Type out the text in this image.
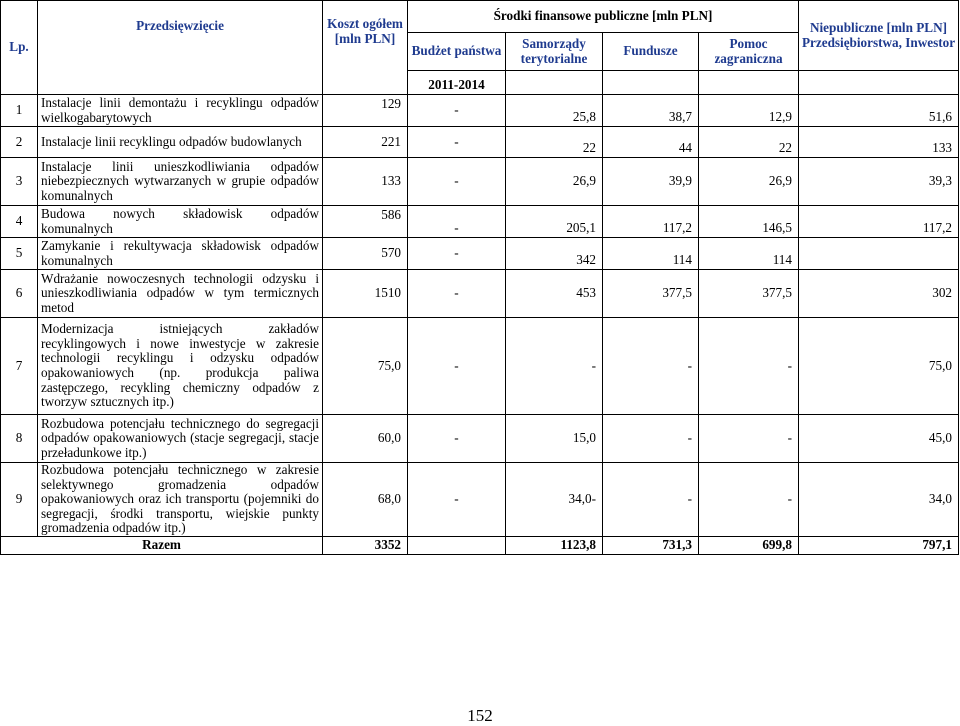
Lp.	Przedsięwzięcie	Koszt ogółem [mln PLN]	Środki finansowe publiczne [mln PLN]				Niepubliczne [mln PLN]
Przedsiębiorstwa, Inwestor

			Budżet państwa	Samorządy terytorialne	Fundusze	Pomoc zagraniczna	
			2011-2014				
1	Instalacje linii demontażu i recyklingu odpadów wielkogabarytowych	129	-	25,8	38,7	12,9	51,6
2	Instalacje linii recyklingu odpadów budowlanych	221	-	22	44	22	133
3	Instalacje linii unieszkodliwiania odpadów niebezpiecznych wytwarzanych w grupie odpadów komunalnych	133	-	26,9	39,9	26,9	39,3
4	Budowa nowych składowisk odpadów komunalnych	586	-	205,1	117,2	146,5	117,2
5	Zamykanie i rekultywacja składowisk odpadów komunalnych	570	-	342	114	114	
6	Wdrażanie nowoczesnych technologii odzysku i unieszkodliwiania odpadów w tym termicznych metod	1510	-	453	377,5	377,5	302
7	Modernizacja istniejących zakładów recyklingowych i nowe inwestycje w zakresie technologii recyklingu i odzysku odpadów opakowaniowych (np. produkcja paliwa zastępczego, recykling chemiczny odpadów z tworzyw sztucznych itp.)	75,0	-	-	-	-	75,0
8	Rozbudowa potencjału technicznego do segregacji odpadów opakowaniowych (stacje segregacji, stacje przeładunkowe itp.)	60,0	-	15,0	-	-	45,0
9	Rozbudowa potencjału technicznego w zakresie selektywnego gromadzenia odpadów opakowaniowych oraz ich transportu (pojemniki do segregacji, środki transportu, wiejskie punkty gromadzenia odpadów itp.)	68,0	-	34,0-	-	-	34,0
Razem		3352		1123,8	731,3	699,8	797,1
152
